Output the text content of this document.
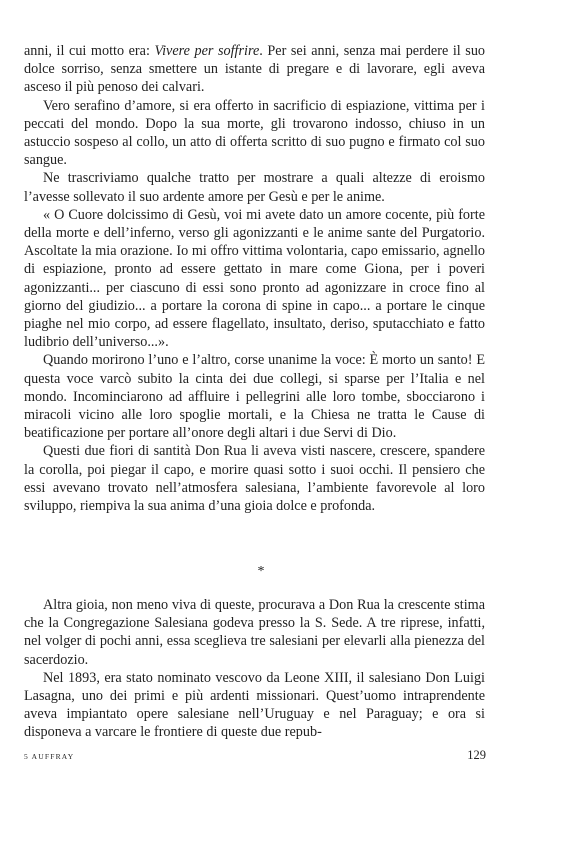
anni, il cui motto era: Vivere per soffrire. Per sei anni, senza mai perdere il suo dolce sorriso, senza smettere un istante di pregare e di lavorare, egli aveva asceso il più penoso dei calvari.

Vero serafino d’amore, si era offerto in sacrificio di espiazione, vittima per i peccati del mondo. Dopo la sua morte, gli trovarono indosso, chiuso in un astuccio sospeso al collo, un atto di offerta scritto di suo pugno e firmato col suo sangue.

Ne trascriviamo qualche tratto per mostrare a quali altezze di eroismo l’avesse sollevato il suo ardente amore per Gesù e per le anime.

« O Cuore dolcissimo di Gesù, voi mi avete dato un amore cocente, più forte della morte e dell’inferno, verso gli agonizzanti e le anime sante del Purgatorio. Ascoltate la mia orazione. Io mi offro vittima volontaria, capo emissario, agnello di espiazione, pronto ad essere gettato in mare come Giona, per i poveri agonizzanti... per ciascuno di essi sono pronto ad agonizzare in croce fino al giorno del giudizio... a portare la corona di spine in capo... a portare le cinque piaghe nel mio corpo, ad essere flagellato, insultato, deriso, sputacchiato e fatto ludibrio dell’universo...».

Quando morirono l’uno e l’altro, corse unanime la voce: È morto un santo! E questa voce varcò subito la cinta dei due collegi, si sparse per l’Italia e nel mondo. Incominciarono ad affluire i pellegrini alle loro tombe, sbocciarono i miracoli vicino alle loro spoglie mortali, e la Chiesa ne tratta le Cause di beatificazione per portare all’onore degli altari i due Servi di Dio.

Questi due fiori di santità Don Rua li aveva visti nascere, crescere, spandere la corolla, poi piegar il capo, e morire quasi sotto i suoi occhi. Il pensiero che essi avevano trovato nell’atmosfera salesiana, l’ambiente favorevole al loro sviluppo, riempiva la sua anima d’una gioia dolce e profonda.

*

Altra gioia, non meno viva di queste, procurava a Don Rua la crescente stima che la Congregazione Salesiana godeva presso la S. Sede. A tre riprese, infatti, nel volger di pochi anni, essa sceglieva tre salesiani per elevarli alla pienezza del sacerdozio.

Nel 1893, era stato nominato vescovo da Leone XIII, il salesiano Don Luigi Lasagna, uno dei primi e più ardenti missionari. Quest’uomo intraprendente aveva impiantato opere salesiane nell’Uruguay e nel Paraguay; e ora si disponeva a varcare le frontiere di queste due repub-

5 AUFFRAY	129
